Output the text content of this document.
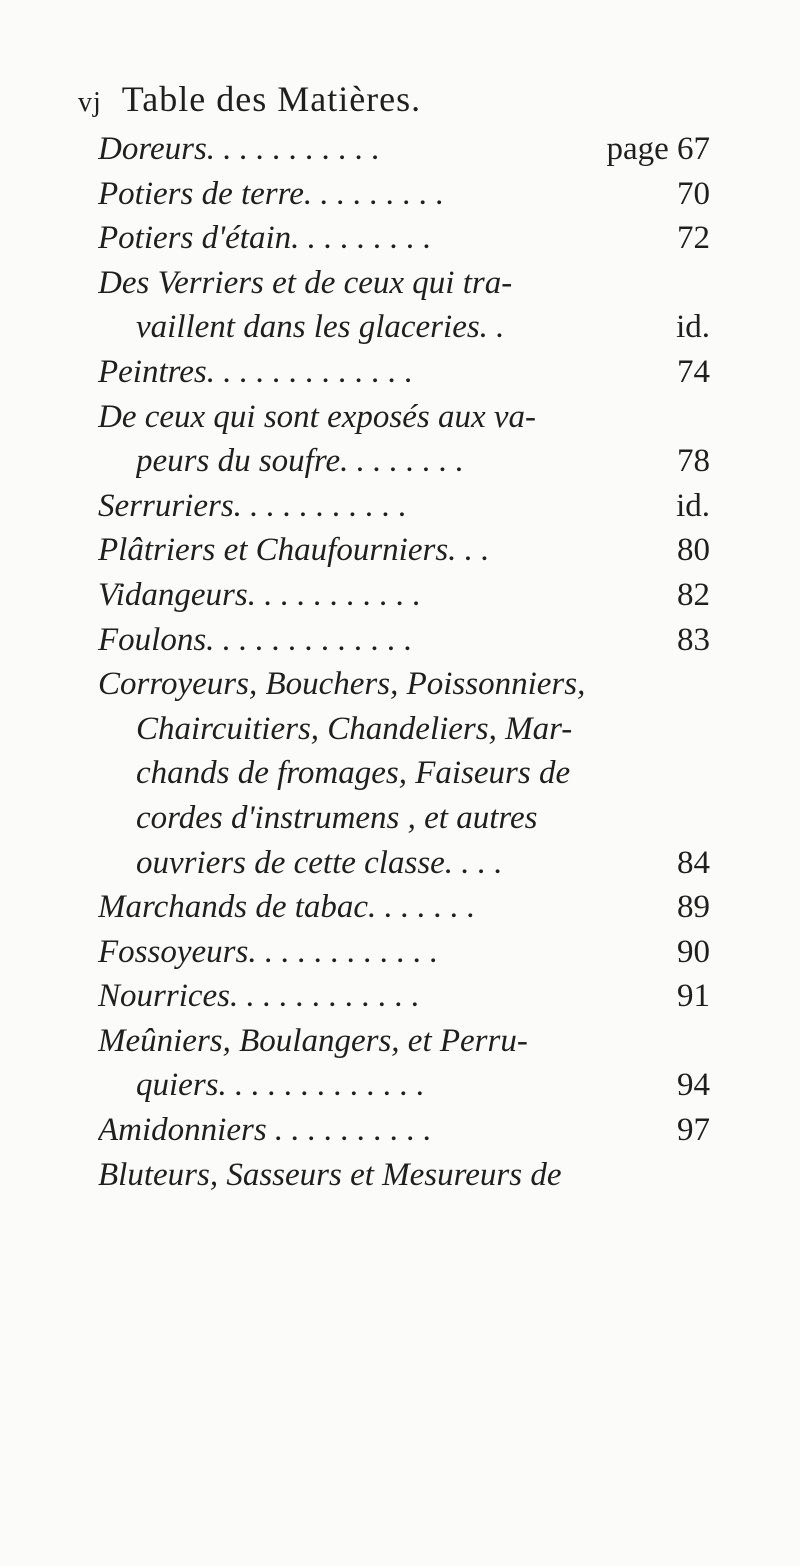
vj Table des Matières.
Doreurs. . . . . . . . . . .	page 67
Potiers de terre. . . . . . . . .	70
Potiers d'étain. . . . . . . . .	72
Des Verriers et de ceux qui tra-
vaillent dans les glaceries. .	id.
Peintres. . . . . . . . . . . . .	74
De ceux qui sont exposés aux va-
peurs du soufre. . . . . . . .	78
Serruriers. . . . . . . . . . .	id.
Plâtriers et Chaufourniers. . .	80
Vidangeurs. . . . . . . . . . .	82
Foulons. . . . . . . . . . . . .	83
Corroyeurs, Bouchers, Poissonniers,
Chaircuitiers, Chandeliers, Mar-
chands de fromages, Faiseurs de
cordes d'instrumens , et autres
ouvriers de cette classe. . . .	84
Marchands de tabac. . . . . . .	89
Fossoyeurs. . . . . . . . . . . .	90
Nourrices. . . . . . . . . . . .	91
Meûniers, Boulangers, et Perru-
quiers. . . . . . . . . . . . .	94
Amidonniers . . . . . . . . . .	97
Bluteurs, Sasseurs et Mesureurs de
